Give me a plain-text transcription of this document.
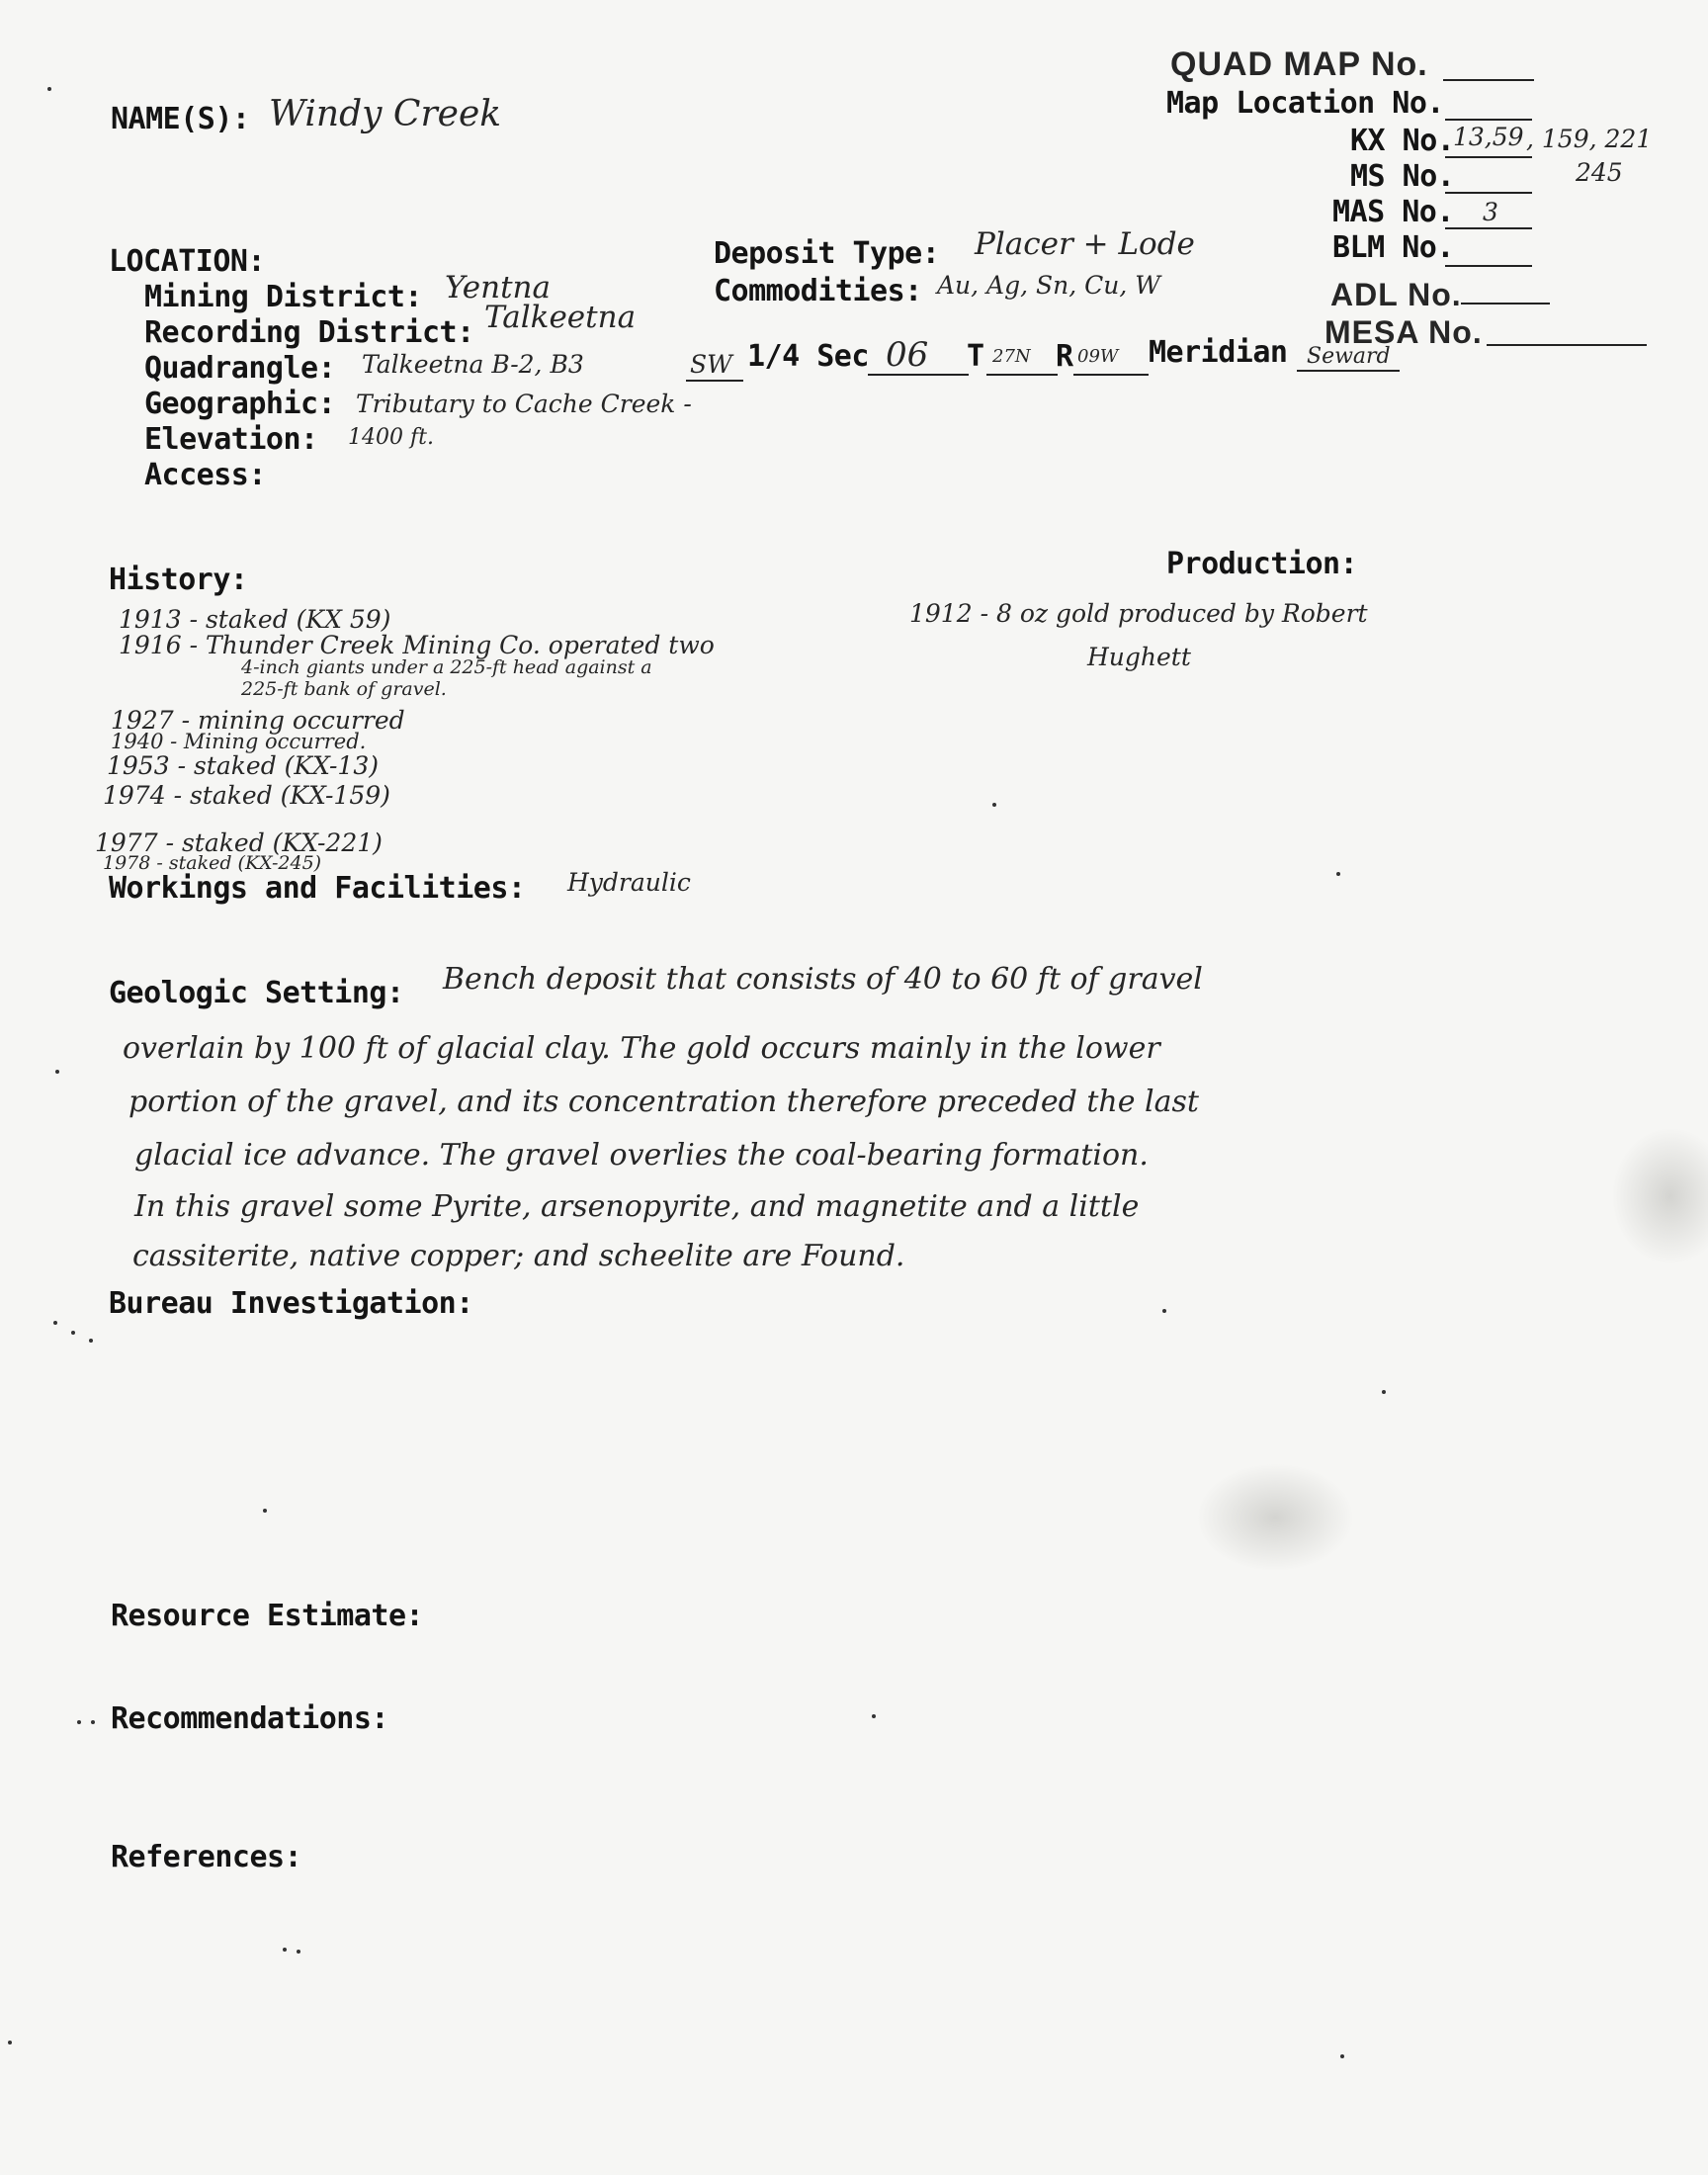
QUAD MAP No.
Map Location No.
KX No.
13,59 , 159, 221
245
MS No.
MAS No. 3
BLM No.
ADL No.
MESA No.
NAME(S): Windy Creek
LOCATION:
Mining District: Yentna
Recording District: Talkeetna
Quadrangle: Talkeetna B-2, B3	SW 1/4 Sec 06 T 27N R 09W Meridian Seward
Geographic: Tributary to Cache Creek -
Elevation: 1400 ft.
Access:
Deposit Type: Placer + Lode
Commodities: Au, Ag, Sn, Cu, W
History:
1913 - staked (KX 59)
1916 - Thunder Creek Mining Co. operated two
4-inch giants under a 225-ft head against a
225-ft bank of gravel.
1927 - mining occurred
1940 - Mining occurred.
1953 - staked (KX-13)
1974 - staked (KX-159)
1977 - staked (KX-221)
1978 - staked (KX-245)
Production:
1912 - 8 oz gold produced by Robert
Hughett
Workings and Facilities: Hydraulic
Geologic Setting: Bench deposit that consists of 40 to 60 ft of gravel
overlain by 100 ft of glacial clay. The gold occurs mainly in the lower
portion of the gravel, and its concentration therefore preceded the last
glacial ice advance. The gravel overlies the coal-bearing formation.
In this gravel some Pyrite, arsenopyrite, and magnetite and a little
cassiterite, native copper; and scheelite are Found.
Bureau Investigation:
Resource Estimate:
Recommendations:
References:
